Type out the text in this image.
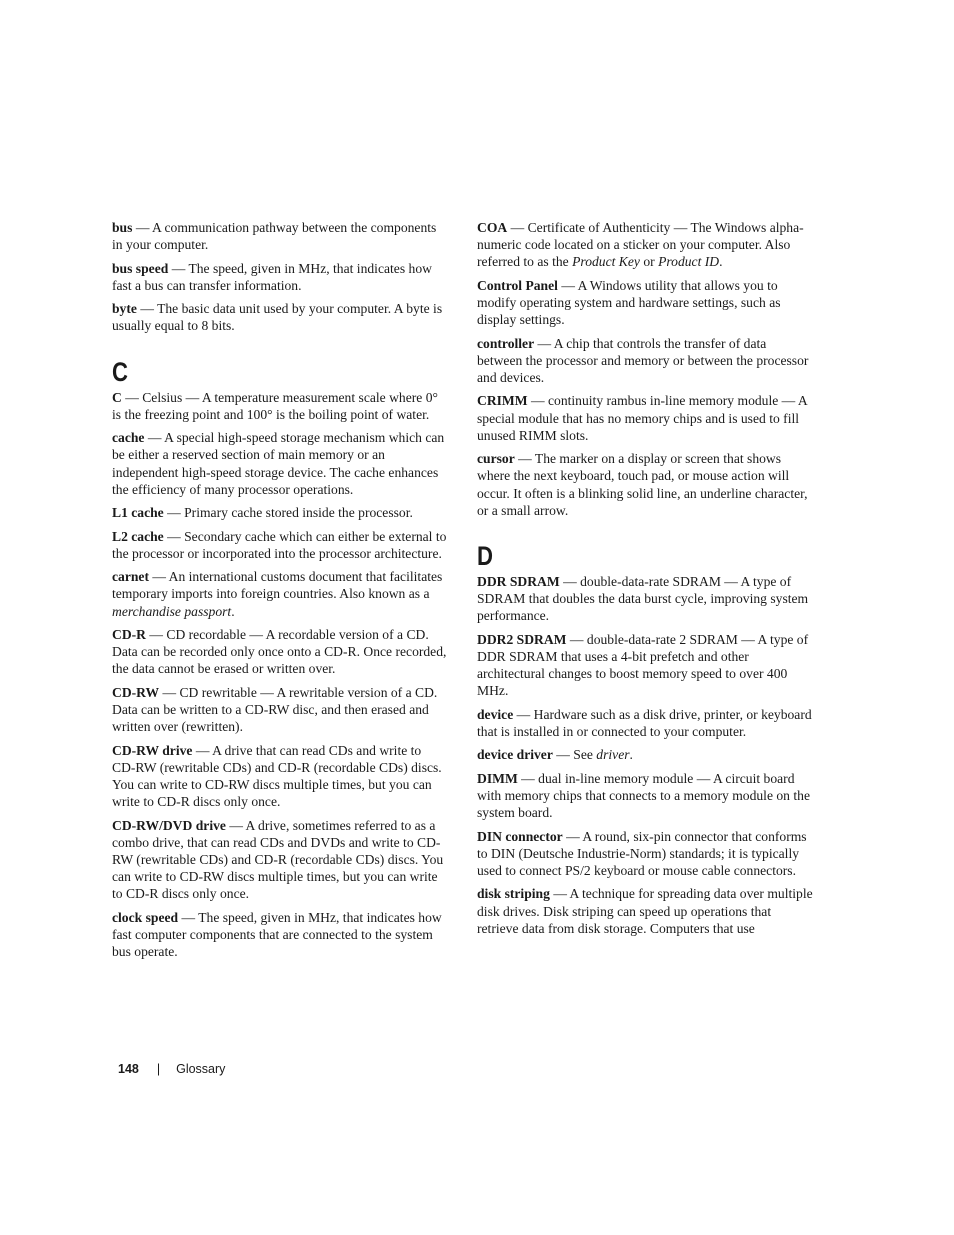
bus — A communication pathway between the components in your computer.
bus speed — The speed, given in MHz, that indicates how fast a bus can transfer information.
byte — The basic data unit used by your computer. A byte is usually equal to 8 bits.
C
C — Celsius — A temperature measurement scale where 0° is the freezing point and 100° is the boiling point of water.
cache — A special high-speed storage mechanism which can be either a reserved section of main memory or an independent high-speed storage device. The cache enhances the efficiency of many processor operations.
L1 cache — Primary cache stored inside the processor.
L2 cache — Secondary cache which can either be external to the processor or incorporated into the processor architecture.
carnet — An international customs document that facilitates temporary imports into foreign countries. Also known as a merchandise passport.
CD-R — CD recordable — A recordable version of a CD. Data can be recorded only once onto a CD-R. Once recorded, the data cannot be erased or written over.
CD-RW — CD rewritable — A rewritable version of a CD. Data can be written to a CD-RW disc, and then erased and written over (rewritten).
CD-RW drive — A drive that can read CDs and write to CD-RW (rewritable CDs) and CD-R (recordable CDs) discs. You can write to CD-RW discs multiple times, but you can write to CD-R discs only once.
CD-RW/DVD drive — A drive, sometimes referred to as a combo drive, that can read CDs and DVDs and write to CD-RW (rewritable CDs) and CD-R (recordable CDs) discs. You can write to CD-RW discs multiple times, but you can write to CD-R discs only once.
clock speed — The speed, given in MHz, that indicates how fast computer components that are connected to the system bus operate.
COA — Certificate of Authenticity — The Windows alpha-numeric code located on a sticker on your computer. Also referred to as the Product Key or Product ID.
Control Panel — A Windows utility that allows you to modify operating system and hardware settings, such as display settings.
controller — A chip that controls the transfer of data between the processor and memory or between the processor and devices.
CRIMM — continuity rambus in-line memory module — A special module that has no memory chips and is used to fill unused RIMM slots.
cursor — The marker on a display or screen that shows where the next keyboard, touch pad, or mouse action will occur. It often is a blinking solid line, an underline character, or a small arrow.
D
DDR SDRAM — double-data-rate SDRAM — A type of SDRAM that doubles the data burst cycle, improving system performance.
DDR2 SDRAM — double-data-rate 2 SDRAM — A type of DDR SDRAM that uses a 4-bit prefetch and other architectural changes to boost memory speed to over 400 MHz.
device — Hardware such as a disk drive, printer, or keyboard that is installed in or connected to your computer.
device driver — See driver.
DIMM — dual in-line memory module — A circuit board with memory chips that connects to a memory module on the system board.
DIN connector — A round, six-pin connector that conforms to DIN (Deutsche Industrie-Norm) standards; it is typically used to connect PS/2 keyboard or mouse cable connectors.
disk striping — A technique for spreading data over multiple disk drives. Disk striping can speed up operations that retrieve data from disk storage. Computers that use
148 | Glossary
